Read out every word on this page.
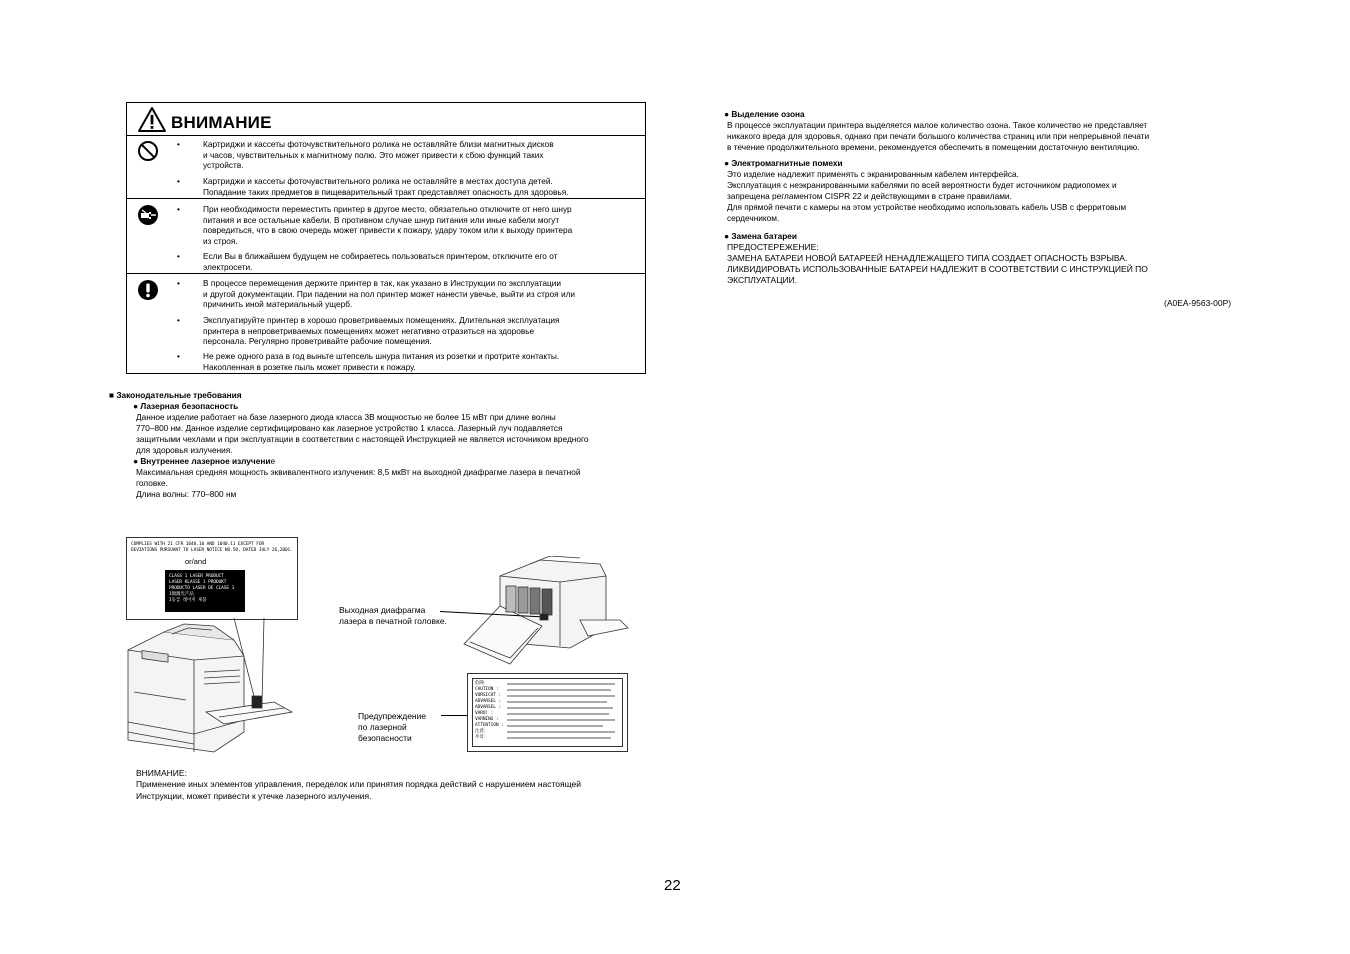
ВНИМАНИЕ
•	Картриджи и кассеты фоточувствительного ролика не оставляйте близи магнитных дисков
и часов, чувствительных к магнитному полю. Это может привести к сбою функций таких
устройств.
•	Картриджи и кассеты фоточувствительного ролика не оставляйте в местах доступа детей.
Попадание таких предметов в пищеварительный тракт представляет опасность для здоровья.
•	При необходимости переместить принтер в другое место, обязательно отключите от него шнур
питания и все остальные кабели. В противном случае шнур питания или иные кабели могут
повредиться, что в свою очередь может привести к пожару, удару током или к выходу принтера
из строя.
•	Если Вы в ближайшем будущем не собираетесь пользоваться принтером, отключите его от
электросети.
•	В процессе перемещения держите принтер в так, как указано в Инструкции по эксплуатации
и другой документации. При падении на пол принтер может нанести увечье, выйти из строя или
причинить иной материальный ущерб.
•	Эксплуатируйте принтер в хорошо проветриваемых помещениях. Длительная эксплуатация
принтера в непроветриваемых помещениях может негативно отразиться на здоровье
персонала. Регулярно проветривайте рабочие помещения.
•	Не реже одного раза в год выньте штепсель шнура питания из розетки и протрите контакты.
Накопленная в розетке пыль может привести к пожару.
■ Законодательные требования
● Лазерная безопасность
Данное изделие работает на базе лазерного диода класса 3B мощностью не более 15 мВт при длине волны
770–800 нм. Данное изделие сертифицировано как лазерное устройство 1 класса. Лазерный луч подавляется
защитными чехлами и при эксплуатации в соответствии с настоящей Инструкцией не является источником вредного
для здоровья излучения.
● Внутреннее лазерное излучение
Максимальная средняя мощность эквивалентного излучения: 8,5 мкВт на выходной диафрагме лазера в печатной
головке.
Длина волны: 770–800 нм
COMPLIES WITH 21 CFR 1040.10 AND 1040.11 EXCEPT FOR
DEVIATIONS PURSUANT TO LASER NOTICE NO.50, DATED JULY 26,2001.
or/and
CLASS 1 LASER PRODUCT
LASER KLASSE 1 PRODUKT
PRODUCTO LASER DE CLASE 1
1類激光产品
1등급 레이저 제품
Выходная диафрагма
лазера в печатной головке.
Предупреждение
по лазерной
безопасности
危険：
CAUTION :
VORSICHT :
ADVARSEL :
ADVARSEL :
VARO! :
VARNING :
ATTENTION :
注意：
주의：
ВНИМАНИЕ:
Применение иных элементов управления, переделок или принятия порядка действий с нарушением настоящей
Инструкции, может привести к утечке лазерного излучения.
● Выделение озона
В процессе эксплуатации принтера выделяется малое количество озона. Такое количество не представляет
никакого вреда для здоровья, однако при печати большого количества страниц или при непрерывной печати
в течение продолжительного времени, рекомендуется обеспечить в помещении достаточную вентиляцию.
● Электромагнитные помехи
Это изделие надлежит применять с экранированным кабелем интерфейса.
Эксплуатация с неэкранированными кабелями по всей вероятности будет источником радиопомех и
запрещена регламентом CISPR 22 и действующими в стране правилами.
Для прямой печати с камеры на этом устройстве необходимо использовать кабель USB с ферритовым
сердечником.
● Замена батареи
ПРЕДОСТЕРЕЖЕНИЕ:
ЗАМЕНА БАТАРЕИ НОВОЙ БАТАРЕЕЙ НЕНАДЛЕЖАЩЕГО ТИПА СОЗДАЕТ ОПАСНОСТЬ ВЗРЫВА.
ЛИКВИДИРОВАТЬ ИСПОЛЬЗОВАННЫЕ БАТАРЕИ НАДЛЕЖИТ В СООТВЕТСТВИИ С ИНСТРУКЦИЕЙ ПО
ЭКСПЛУАТАЦИИ.
(A0EA-9563-00P)
22
